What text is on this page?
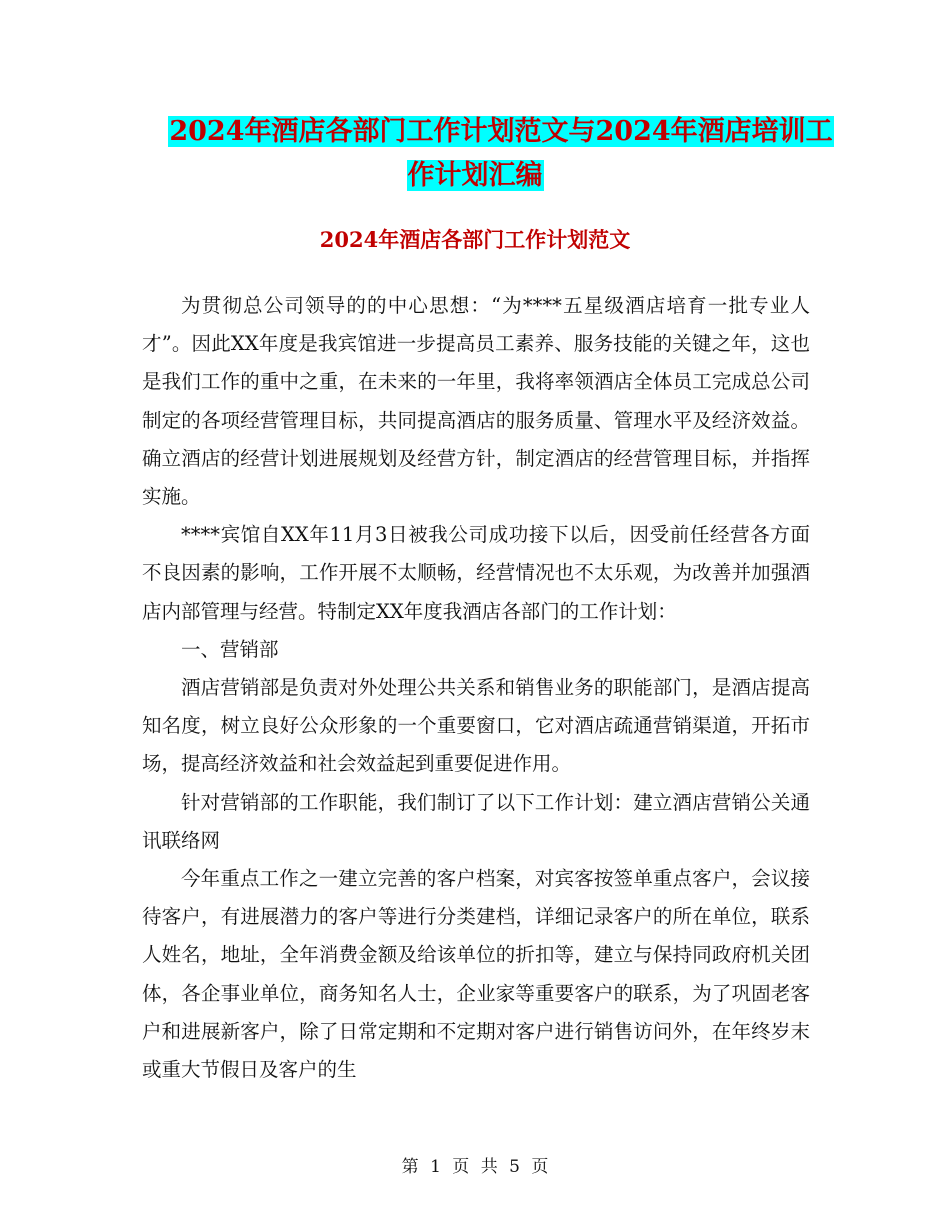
2024年酒店各部门工作计划范文与2024年酒店培训工
作计划汇编
2024年酒店各部门工作计划范文

为贯彻总公司领导的的中心思想：“为****五星级酒店培育一批专业人才”。因此XX年度是我宾馆进一步提高员工素养、服务技能的关键之年，这也是我们工作的重中之重，在未来的一年里，我将率领酒店全体员工完成总公司制定的各项经营管理目标，共同提高酒店的服务质量、管理水平及经济效益。确立酒店的经营计划进展规划及经营方针，制定酒店的经营管理目标，并指挥实施。

****宾馆自XX年11月3日被我公司成功接下以后，因受前任经营各方面不良因素的影响，工作开展不太顺畅，经营情况也不太乐观，为改善并加强酒店内部管理与经营。特制定XX年度我酒店各部门的工作计划：

一、营销部

酒店营销部是负责对外处理公共关系和销售业务的职能部门，是酒店提高知名度，树立良好公众形象的一个重要窗口，它对酒店疏通营销渠道，开拓市场，提高经济效益和社会效益起到重要促进作用。

针对营销部的工作职能，我们制订了以下工作计划：建立酒店营销公关通讯联络网

今年重点工作之一建立完善的客户档案，对宾客按签单重点客户，会议接待客户，有进展潜力的客户等进行分类建档，详细记录客户的所在单位，联系人姓名，地址，全年消费金额及给该单位的折扣等，建立与保持同政府机关团体，各企事业单位，商务知名人士，企业家等重要客户的联系，为了巩固老客户和进展新客户，除了日常定期和不定期对客户进行销售访问外，在年终岁末或重大节假日及客户的生

第 1 页 共 5 页
